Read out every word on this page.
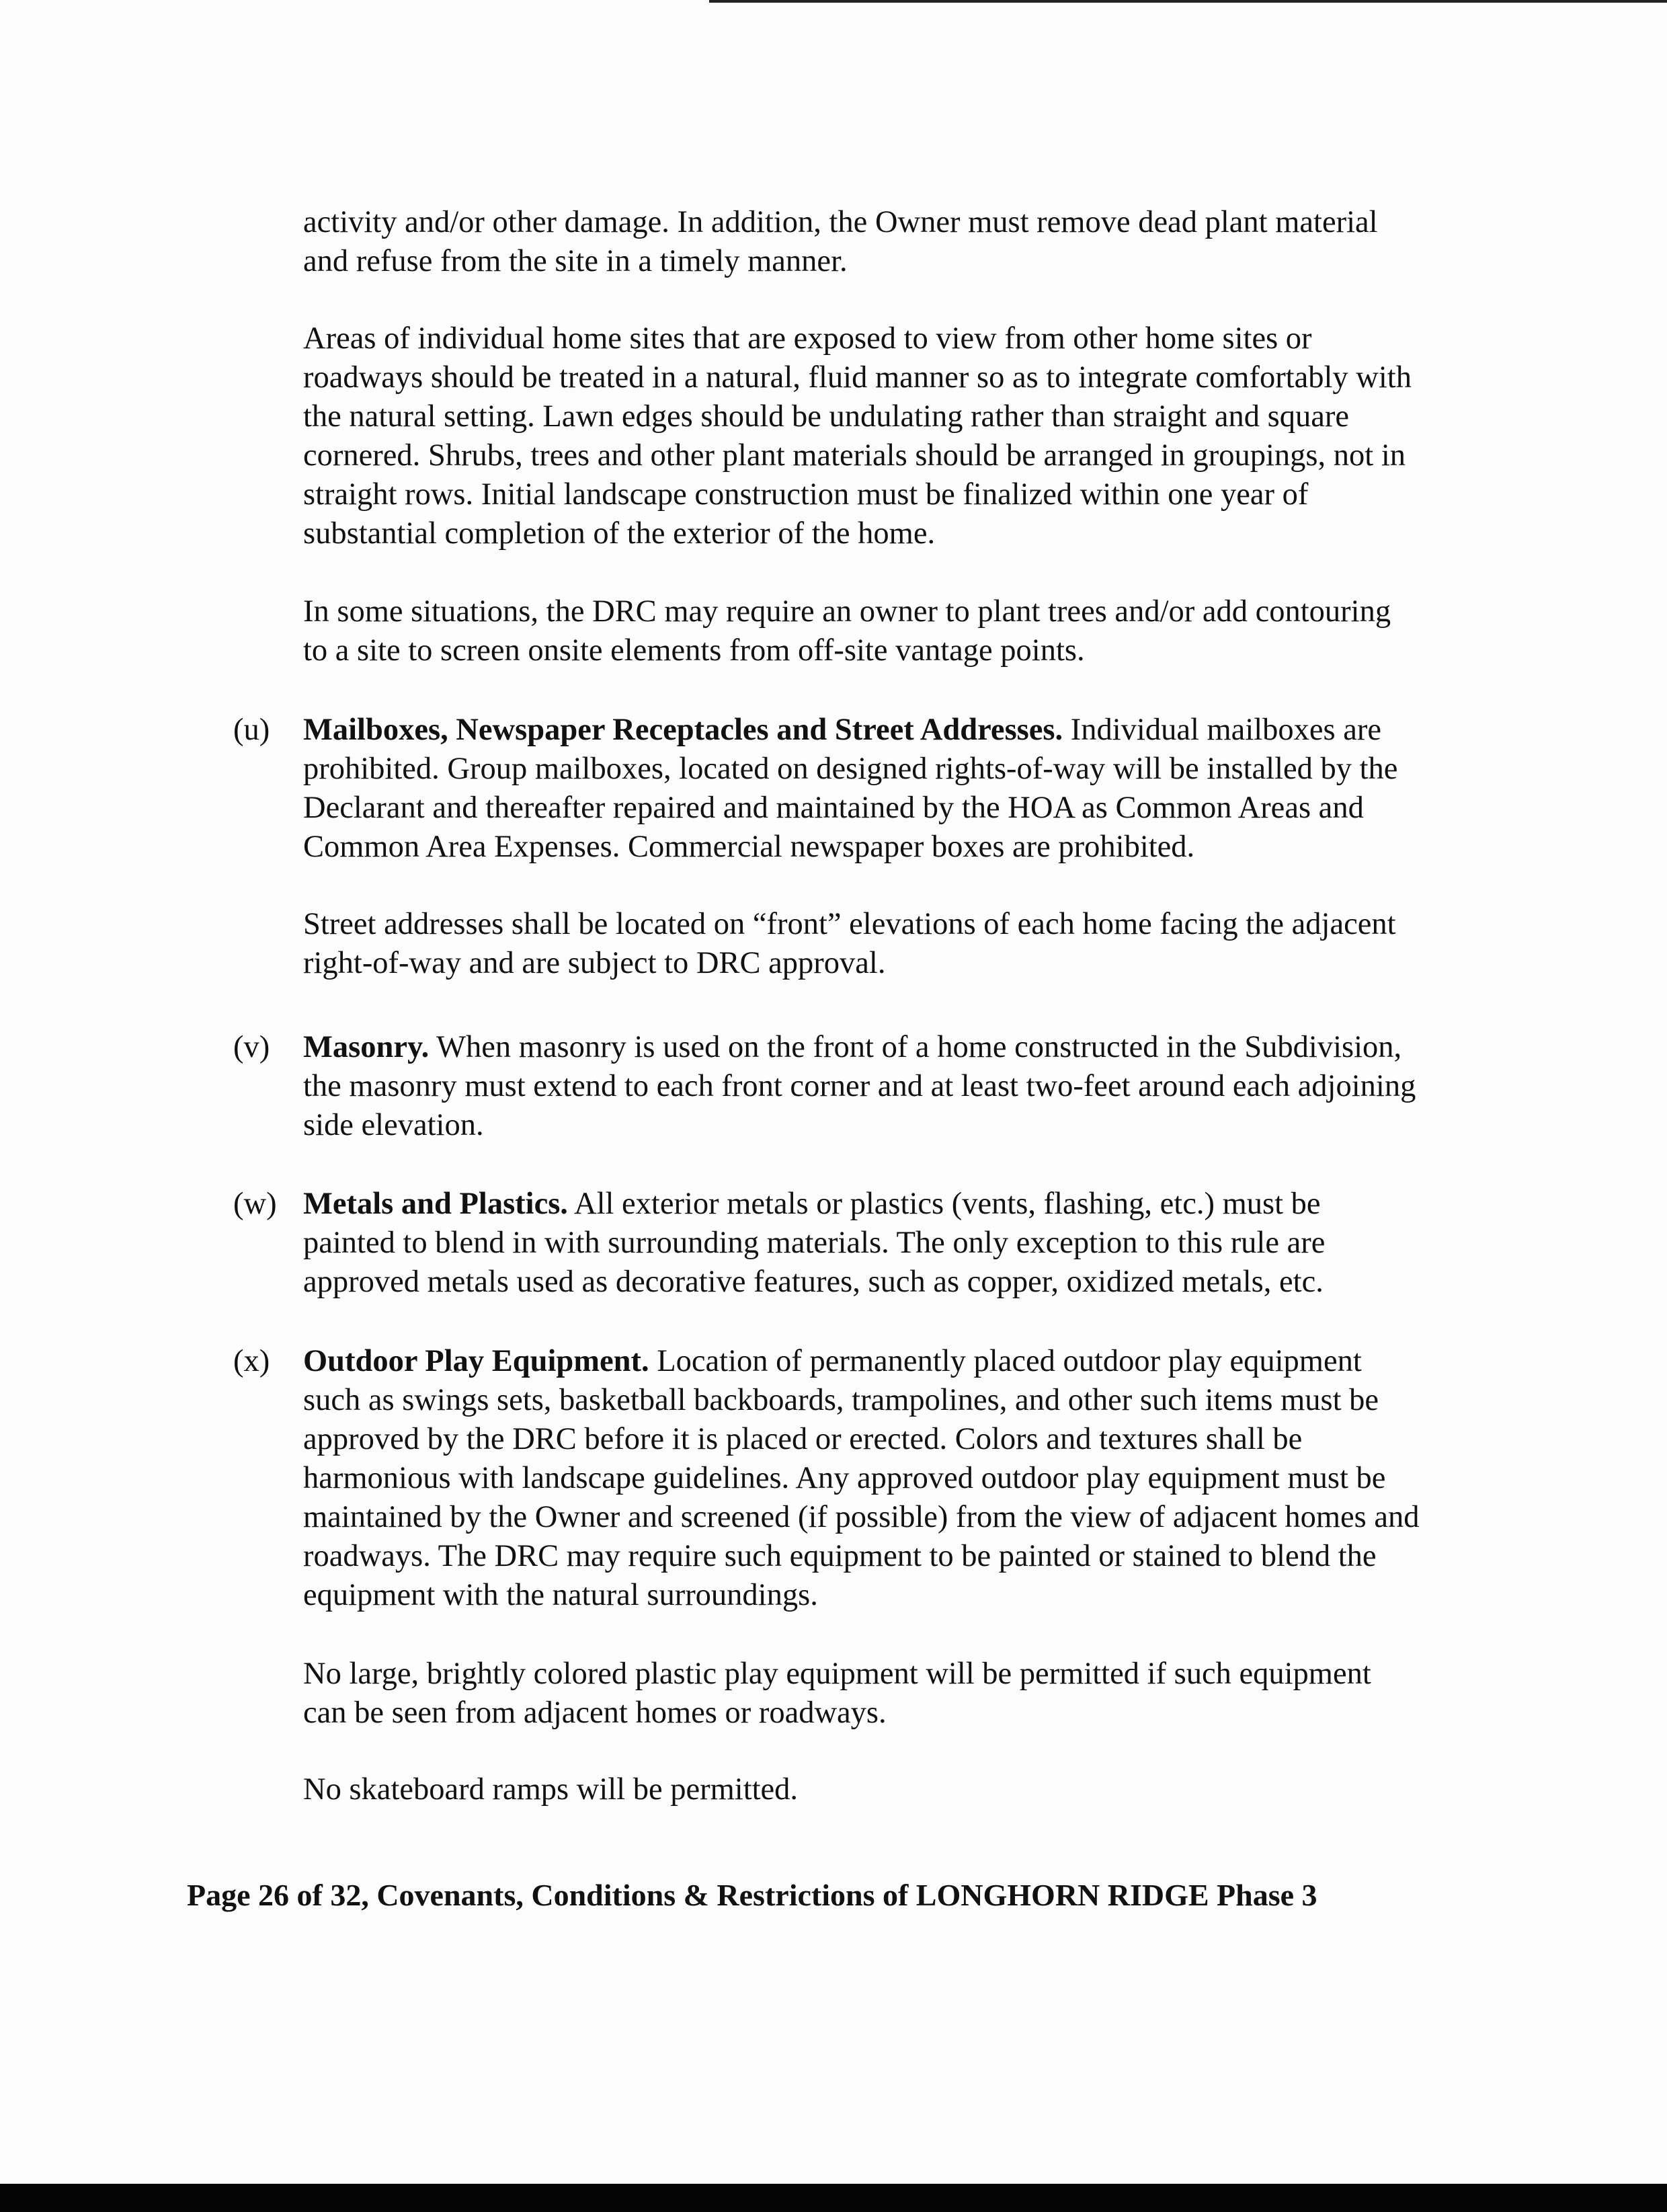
activity and/or other damage. In addition, the Owner must remove dead plant material
and refuse from the site in a timely manner.

Areas of individual home sites that are exposed to view from other home sites or
roadways should be treated in a natural, fluid manner so as to integrate comfortably with
the natural setting. Lawn edges should be undulating rather than straight and square
cornered. Shrubs, trees and other plant materials should be arranged in groupings, not in
straight rows. Initial landscape construction must be finalized within one year of
substantial completion of the exterior of the home.

In some situations, the DRC may require an owner to plant trees and/or add contouring
to a site to screen onsite elements from off-site vantage points.

(u) Mailboxes, Newspaper Receptacles and Street Addresses. Individual mailboxes are
prohibited. Group mailboxes, located on designed rights-of-way will be installed by the
Declarant and thereafter repaired and maintained by the HOA as Common Areas and
Common Area Expenses. Commercial newspaper boxes are prohibited.

Street addresses shall be located on “front” elevations of each home facing the adjacent
right-of-way and are subject to DRC approval.

(v) Masonry. When masonry is used on the front of a home constructed in the Subdivision,
the masonry must extend to each front corner and at least two-feet around each adjoining
side elevation.

(w) Metals and Plastics. All exterior metals or plastics (vents, flashing, etc.) must be
painted to blend in with surrounding materials. The only exception to this rule are
approved metals used as decorative features, such as copper, oxidized metals, etc.

(x) Outdoor Play Equipment. Location of permanently placed outdoor play equipment
such as swings sets, basketball backboards, trampolines, and other such items must be
approved by the DRC before it is placed or erected. Colors and textures shall be
harmonious with landscape guidelines. Any approved outdoor play equipment must be
maintained by the Owner and screened (if possible) from the view of adjacent homes and
roadways. The DRC may require such equipment to be painted or stained to blend the
equipment with the natural surroundings.

No large, brightly colored plastic play equipment will be permitted if such equipment
can be seen from adjacent homes or roadways.

No skateboard ramps will be permitted.

Page 26 of 32, Covenants, Conditions & Restrictions of LONGHORN RIDGE Phase 3
